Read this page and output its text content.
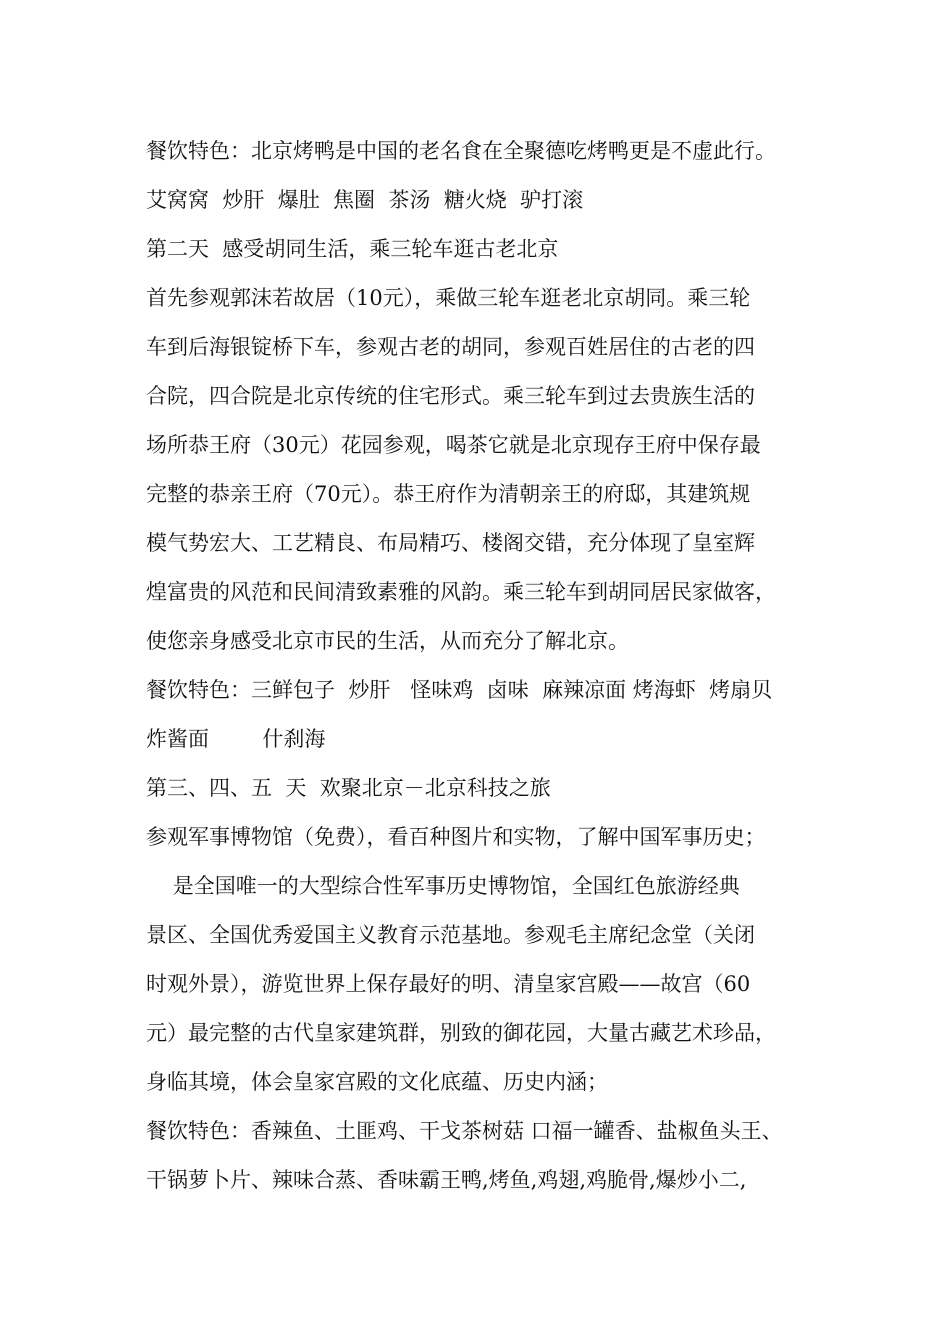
餐饮特色：北京烤鸭是中国的老名食在全聚德吃烤鸭更是不虚此行。
艾窝窝  炒肝  爆肚  焦圈  茶汤  糖火烧  驴打滚
第二天  感受胡同生活，乘三轮车逛古老北京
首先参观郭沫若故居（10元），乘做三轮车逛老北京胡同。乘三轮
车到后海银锭桥下车，参观古老的胡同，参观百姓居住的古老的四
合院，四合院是北京传统的住宅形式。乘三轮车到过去贵族生活的
场所恭王府（30元）花园参观，喝茶它就是北京现存王府中保存最
完整的恭亲王府（70元）。恭王府作为清朝亲王的府邸，其建筑规
模气势宏大、工艺精良、布局精巧、楼阁交错，充分体现了皇室辉
煌富贵的风范和民间清致素雅的风韵。乘三轮车到胡同居民家做客，
使您亲身感受北京市民的生活，从而充分了解北京。
餐饮特色：三鲜包子  炒肝   怪味鸡  卤味  麻辣凉面 烤海虾  烤扇贝
炸酱面        什刹海
第三、四、五  天  欢聚北京－北京科技之旅
参观军事博物馆（免费），看百种图片和实物，了解中国军事历史；
是全国唯一的大型综合性军事历史博物馆，全国红色旅游经典
景区、全国优秀爱国主义教育示范基地。参观毛主席纪念堂（关闭
时观外景），游览世界上保存最好的明、清皇家宫殿——故宫（60
元）最完整的古代皇家建筑群，别致的御花园，大量古藏艺术珍品，
身临其境，体会皇家宫殿的文化底蕴、历史内涵；
餐饮特色：香辣鱼、土匪鸡、干戈茶树菇 口福一罐香、盐椒鱼头王、
干锅萝卜片、辣味合蒸、香味霸王鸭,烤鱼,鸡翅,鸡脆骨,爆炒小二,
